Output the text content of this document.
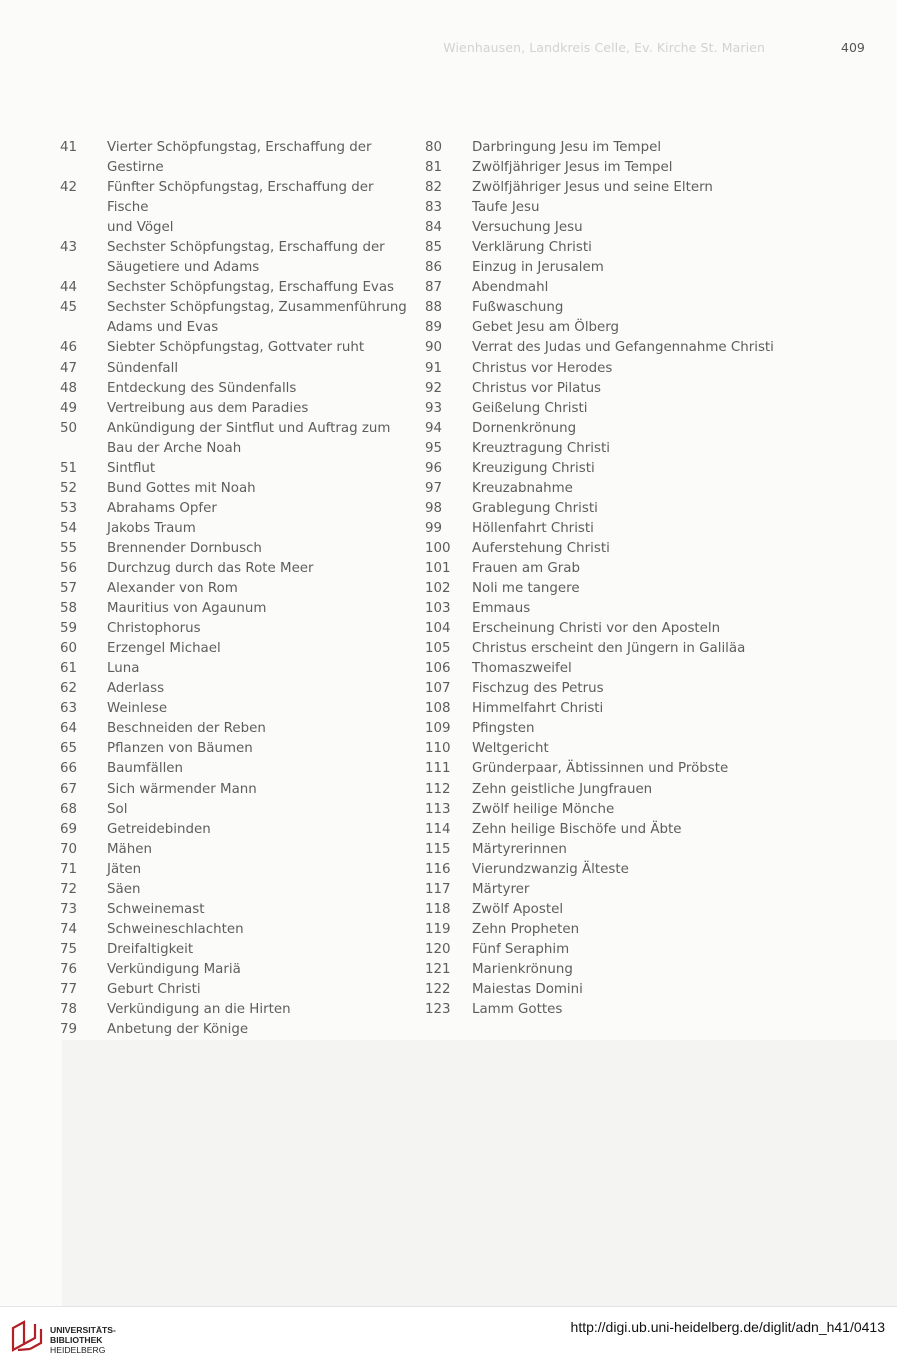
Wienhausen, Landkreis Celle, Ev. Kirche St. Marien	409
41	Vierter Schöpfungstag, Erschaffung der
Gestirne
42	Fünfter Schöpfungstag, Erschaffung der Fische
und Vögel
43	Sechster Schöpfungstag, Erschaffung der
Säugetiere und Adams
44	Sechster Schöpfungstag, Erschaffung Evas
45	Sechster Schöpfungstag, Zusammenführung
Adams und Evas
46	Siebter Schöpfungstag, Gottvater ruht
47	Sündenfall
48	Entdeckung des Sündenfalls
49	Vertreibung aus dem Paradies
50	Ankündigung der Sintflut und Auftrag zum
Bau der Arche Noah
51	Sintflut
52	Bund Gottes mit Noah
53	Abrahams Opfer
54	Jakobs Traum
55	Brennender Dornbusch
56	Durchzug durch das Rote Meer
57	Alexander von Rom
58	Mauritius von Agaunum
59	Christophorus
60	Erzengel Michael
61	Luna
62	Aderlass
63	Weinlese
64	Beschneiden der Reben
65	Pflanzen von Bäumen
66	Baumfällen
67	Sich wärmender Mann
68	Sol
69	Getreidebinden
70	Mähen
71	Jäten
72	Säen
73	Schweinemast
74	Schweineschlachten
75	Dreifaltigkeit
76	Verkündigung Mariä
77	Geburt Christi
78	Verkündigung an die Hirten
79	Anbetung der Könige
80	Darbringung Jesu im Tempel
81	Zwölfjähriger Jesus im Tempel
82	Zwölfjähriger Jesus und seine Eltern
83	Taufe Jesu
84	Versuchung Jesu
85	Verklärung Christi
86	Einzug in Jerusalem
87	Abendmahl
88	Fußwaschung
89	Gebet Jesu am Ölberg
90	Verrat des Judas und Gefangennahme Christi
91	Christus vor Herodes
92	Christus vor Pilatus
93	Geißelung Christi
94	Dornenkrönung
95	Kreuztragung Christi
96	Kreuzigung Christi
97	Kreuzabnahme
98	Grablegung Christi
99	Höllenfahrt Christi
100	Auferstehung Christi
101	Frauen am Grab
102	Noli me tangere
103	Emmaus
104	Erscheinung Christi vor den Aposteln
105	Christus erscheint den Jüngern in Galiläa
106	Thomaszweifel
107	Fischzug des Petrus
108	Himmelfahrt Christi
109	Pfingsten
110	Weltgericht
111	Gründerpaar, Äbtissinnen und Pröbste
112	Zehn geistliche Jungfrauen
113	Zwölf heilige Mönche
114	Zehn heilige Bischöfe und Äbte
115	Märtyrerinnen
116	Vierundzwanzig Älteste
117	Märtyrer
118	Zwölf Apostel
119	Zehn Propheten
120	Fünf Seraphim
121	Marienkrönung
122	Maiestas Domini
123	Lamm Gottes
UNIVERSITÄTS-
BIBLIOTHEK
HEIDELBERG
http://digi.ub.uni-heidelberg.de/diglit/adn_h41/0413
